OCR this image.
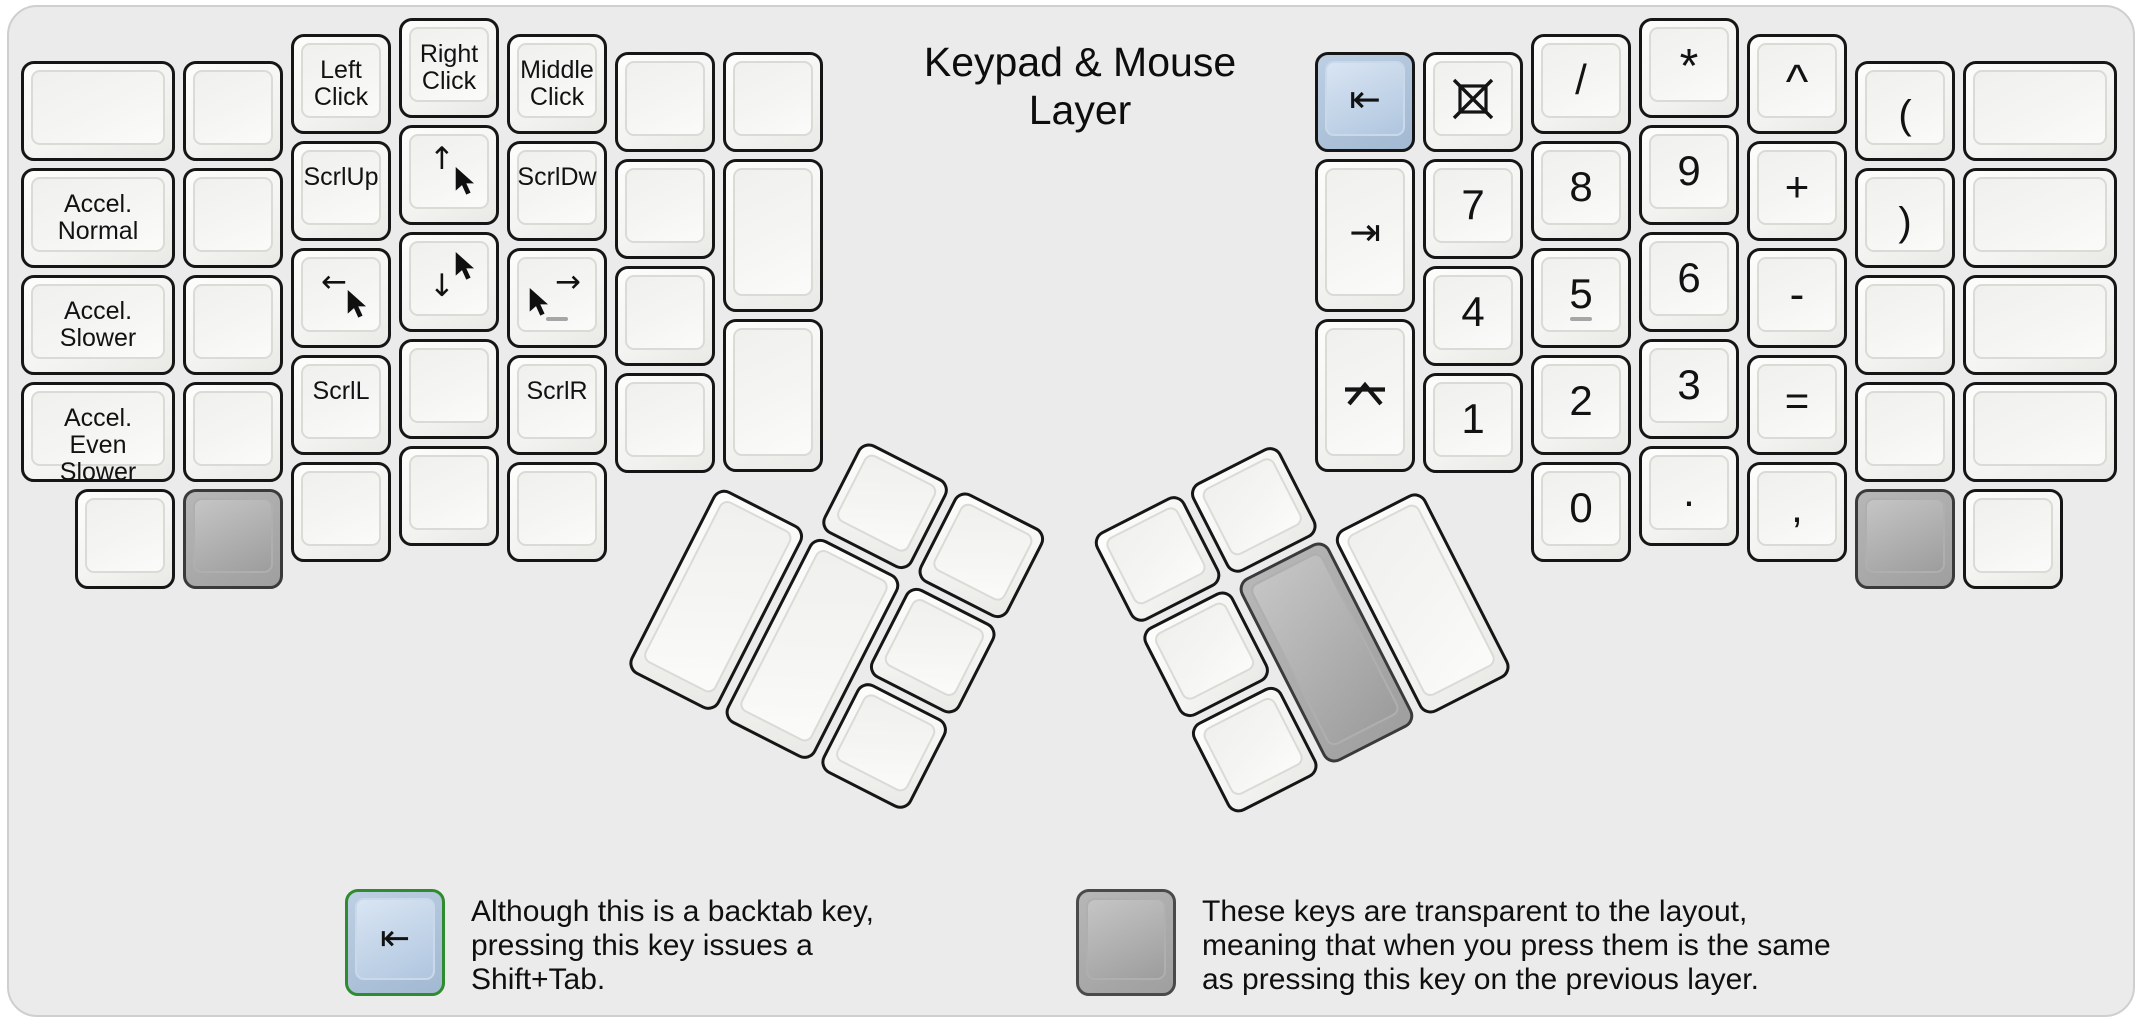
Keypad & Mouse
Layer
Accel.
Normal
Accel.
Slower
Accel.
Even
Slower
Left
Click
ScrlUp
←
ScrlL
Right
Click
↑
↓
Middle
Click
ScrlDw
→
ScrlR
⇤
⇥
7
4
1
/
8
5
2
0
*
9
6
3
.
^
+
-
=
,
(
)
⇤
Although this is a backtab key,
pressing this key issues a
Shift+Tab.
These keys are transparent to the layout,
meaning that when you press them is the same
as pressing this key on the previous layer.
